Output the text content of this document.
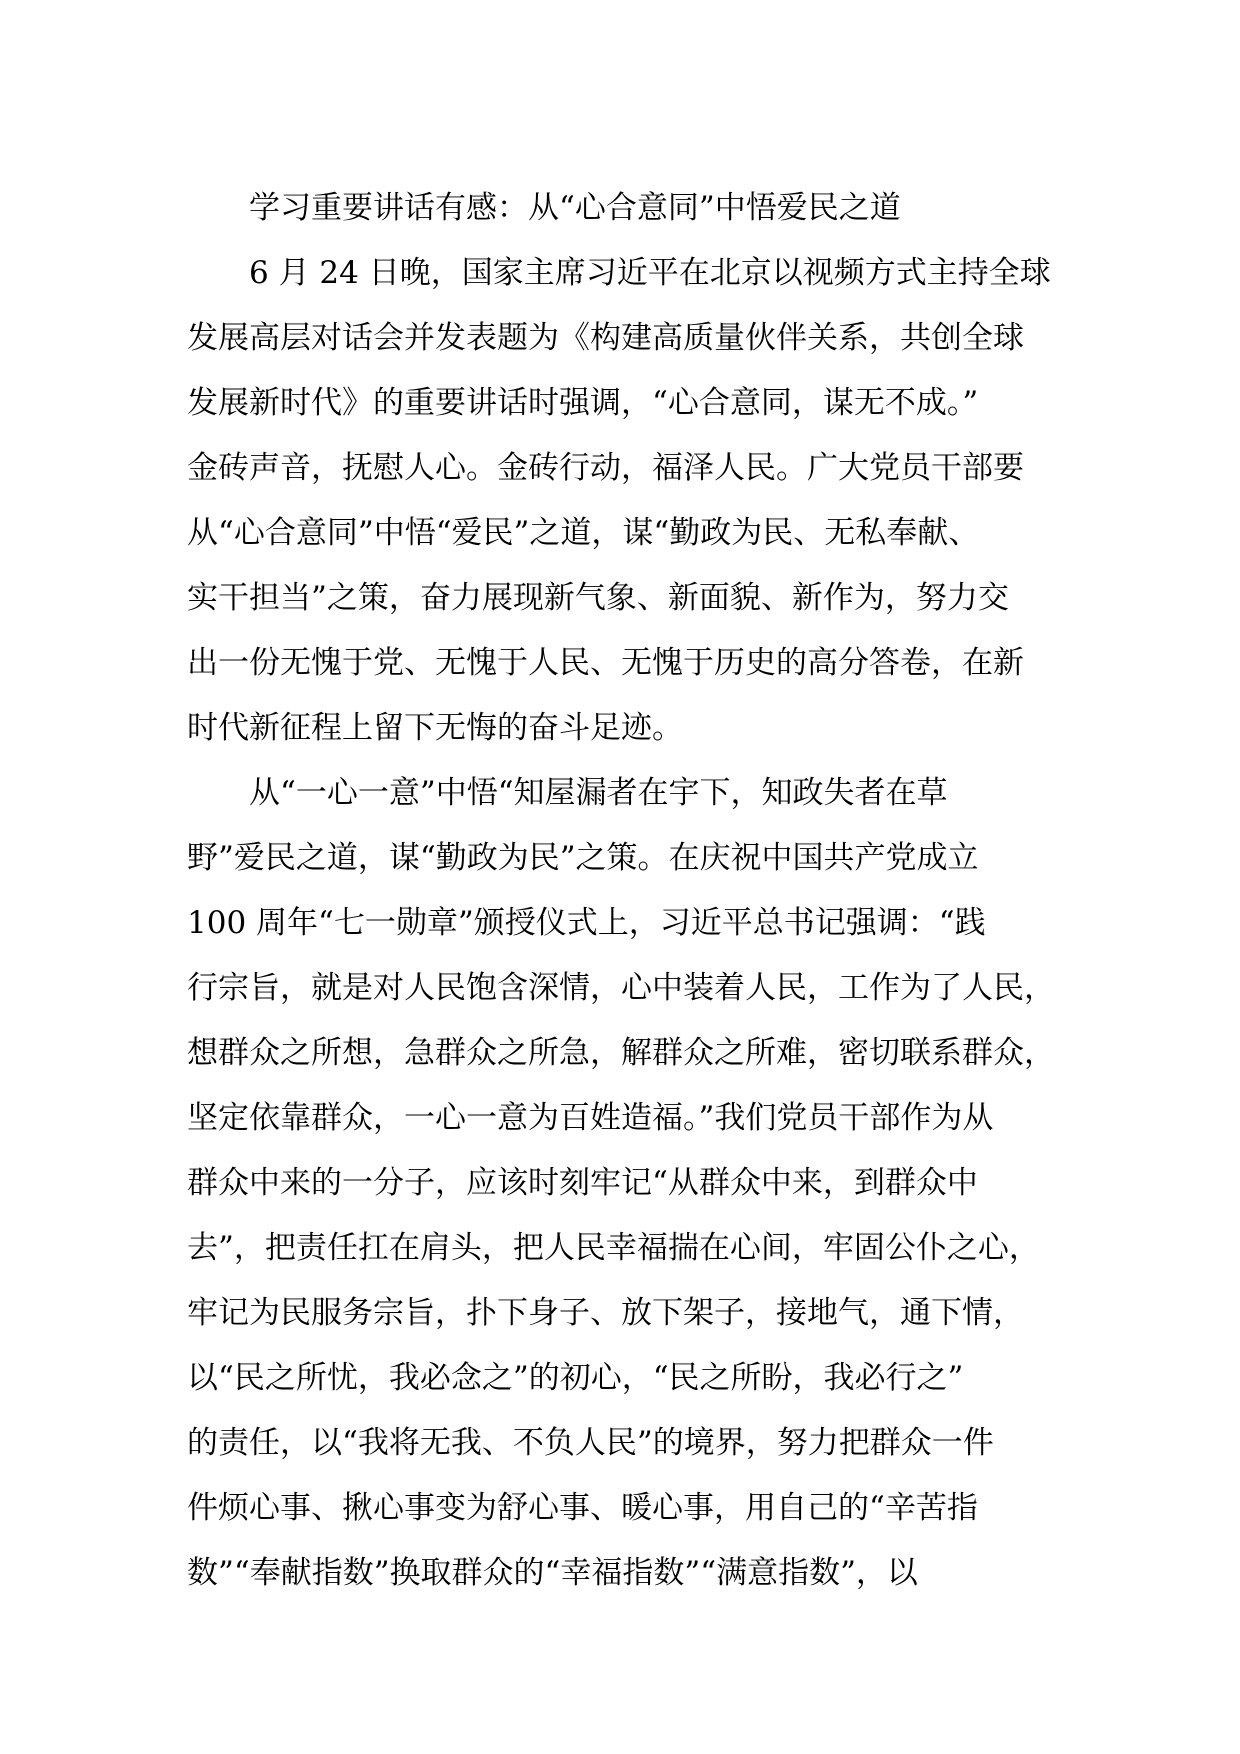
学习重要讲话有感：从“心合意同”中悟爱民之道
6 月 24 日晚，国家主席习近平在北京以视频方式主持全球
发展高层对话会并发表题为《构建高质量伙伴关系，共创全球
发展新时代》的重要讲话时强调，“心合意同，谋无不成。”
金砖声音，抚慰人心。金砖行动，福泽人民。广大党员干部要
从“心合意同”中悟“爱民”之道，谋“勤政为民、无私奉献、
实干担当”之策，奋力展现新气象、新面貌、新作为，努力交
出一份无愧于党、无愧于人民、无愧于历史的高分答卷，在新
时代新征程上留下无悔的奋斗足迹。
从“一心一意”中悟“知屋漏者在宇下，知政失者在草
野”爱民之道，谋“勤政为民”之策。在庆祝中国共产党成立
100 周年“七一勋章”颁授仪式上，习近平总书记强调：“践
行宗旨，就是对人民饱含深情，心中装着人民，工作为了人民，
想群众之所想，急群众之所急，解群众之所难，密切联系群众，
坚定依靠群众，一心一意为百姓造福。”我们党员干部作为从
群众中来的一分子，应该时刻牢记“从群众中来，到群众中
去”，把责任扛在肩头，把人民幸福揣在心间，牢固公仆之心，
牢记为民服务宗旨，扑下身子、放下架子，接地气，通下情，
以“民之所忧，我必念之”的初心，“民之所盼，我必行之”
的责任，以“我将无我、不负人民”的境界，努力把群众一件
件烦心事、揪心事变为舒心事、暖心事，用自己的“辛苦指
数”“奉献指数”换取群众的“幸福指数”“满意指数”，以
